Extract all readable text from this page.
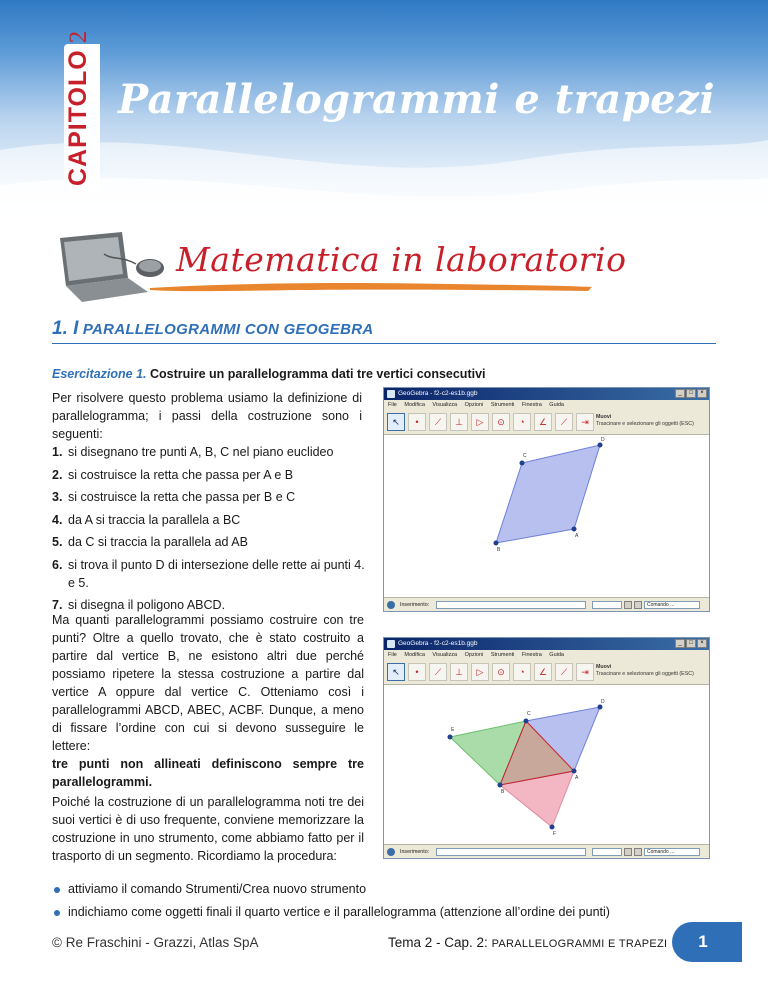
CAPITOLO2
Parallelogrammi e trapezi
Matematica in laboratorio
1. I PARALLELOGRAMMI CON GEOGEBRA
Esercitazione 1. Costruire un parallelogramma dati tre vertici consecutivi
Per risolvere questo problema usiamo la definizione di parallelogramma; i passi della costruzione sono i seguenti:
1. si disegnano tre punti A, B, C nel piano euclideo
2. si costruisce la retta che passa per A e B
3. si costruisce la retta che passa per B e C
4. da A si traccia la parallela a BC
5. da C si traccia la parallela ad AB
6. si trova il punto D di intersezione delle rette ai punti 4. e 5.
7. si disegna il poligono ABCD.
Ma quanti parallelogrammi possiamo costruire con tre punti? Oltre a quello trovato, che è stato costruito a partire dal vertice B, ne esistono altri due perché possiamo ripetere la stessa costruzione a partire dal vertice A oppure dal vertice C. Otteniamo così i parallelogrammi ABCD, ABEC, ACBF. Dunque, a meno di fissare l’ordine con cui si devono susseguire le lettere:
tre punti non allineati definiscono sempre tre parallelogrammi.
Poiché la costruzione di un parallelogramma noti tre dei suoi vertici è di uso frequente, conviene memorizzare la costruzione in uno strumento, come abbiamo fatto per il trasporto di un segmento. Ricordiamo la procedura:
attiviamo il comando Strumenti/Crea nuovo strumento
indichiamo come oggetti finali il quarto vertice e il parallelogramma (attenzione all’ordine dei punti)
GeoGebra - f2-c2-es1b.ggb	_	□	×
File Modifica Visualizza Opzioni Strumenti Finestra Guida
↖	•	⟋	⊥	▷	⊙	◔	∠	⟋	⇥	Muovi
Trascinare e selezionare gli oggetti (ESC)
C
D
A
B
Inserimento:	Comando ...
GeoGebra - f2-c2-es1b.ggb	_	□	×
File Modifica Visualizza Opzioni Strumenti Finestra Guida
↖	•	⟋	⊥	▷	⊙	◔	∠	⟋	⇥	Muovi
Trascinare e selezionare gli oggetti (ESC)
E
C
D
A
B
F
Inserimento:	Comando ...
© Re Fraschini - Grazzi, Atlas SpA	Tema 2 - Cap. 2: PARALLELOGRAMMI E TRAPEZI	1
